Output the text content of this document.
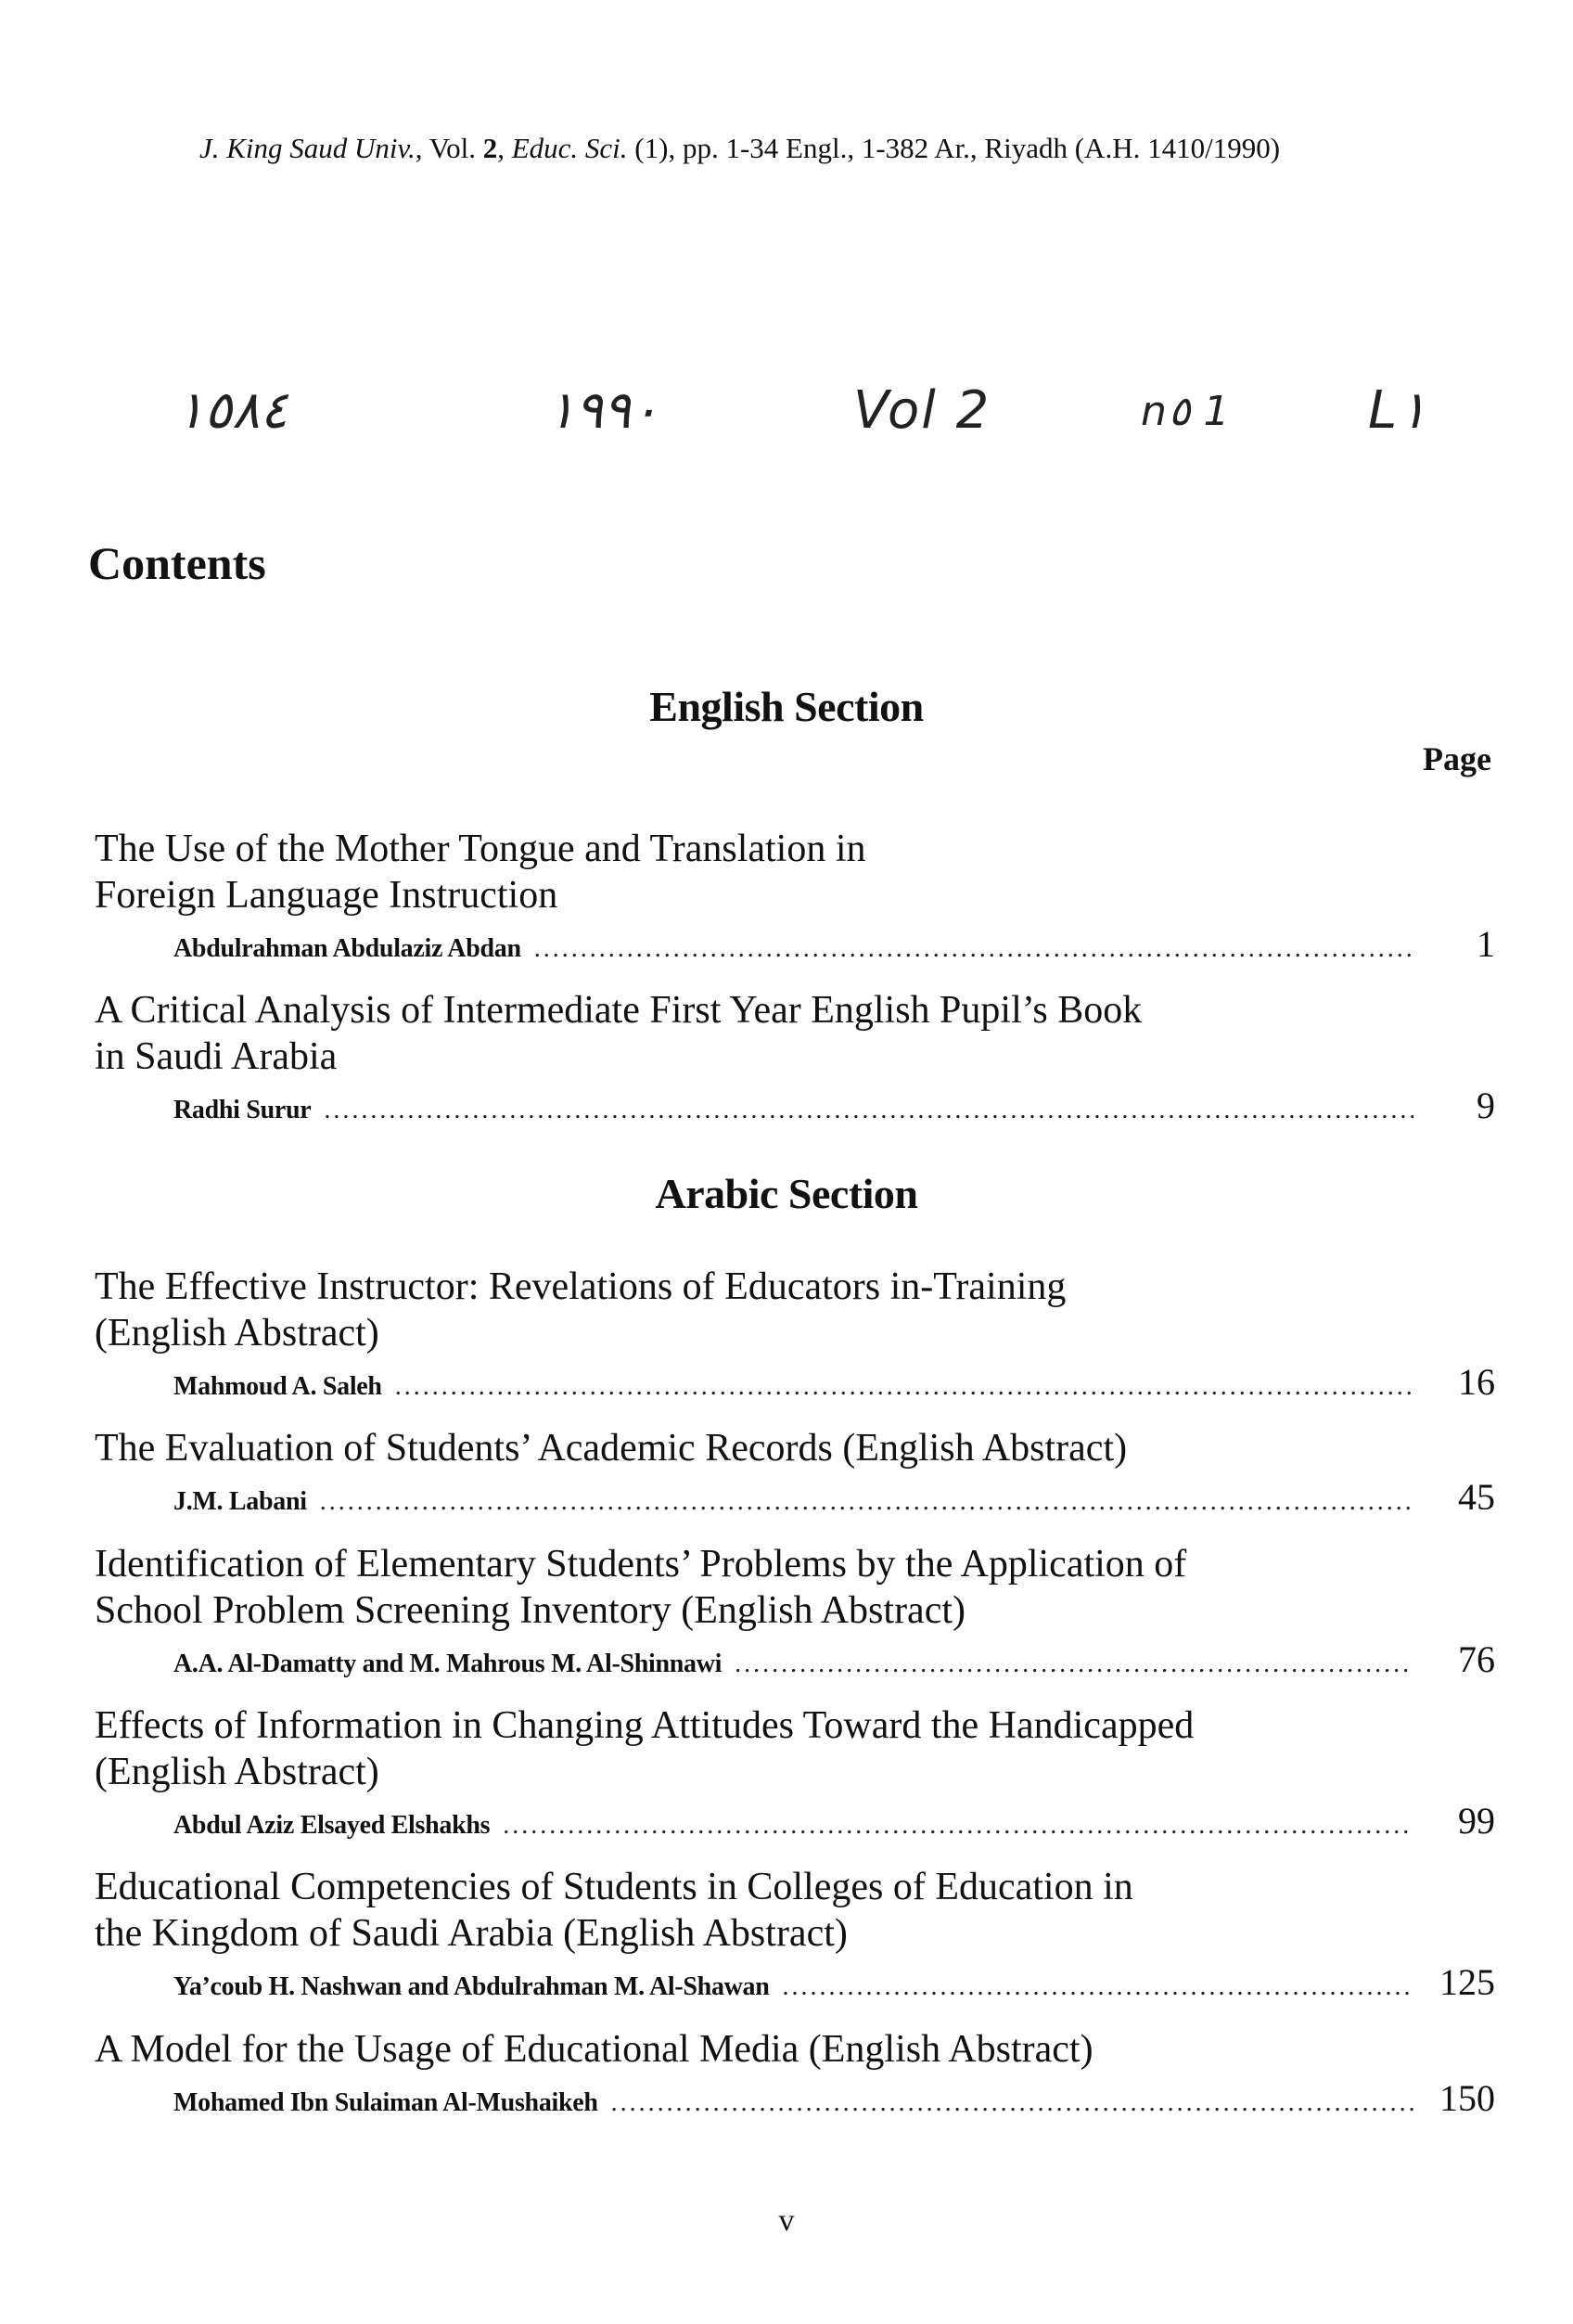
J. King Saud Univ., Vol. 2, Educ. Sci. (1), pp. 1-34 Engl., 1-382 Ar., Riyadh (A.H. 1410/1990)
١٥٨٤	١٩٩٠	Vol 2	n٥ 1	L١
Contents
English Section
Page
The Use of the Mother Tongue and Translation in
Foreign Language Instruction
Abdulrahman Abdulaziz Abdan .....	1
A Critical Analysis of Intermediate First Year English Pupil’s Book
in Saudi Arabia
Radhi Surur .....	9
Arabic Section
The Effective Instructor: Revelations of Educators in-Training
(English Abstract)
Mahmoud A. Saleh .....	16
The Evaluation of Students’ Academic Records (English Abstract)
J.M. Labani .....	45
Identification of Elementary Students’ Problems by the Application of
School Problem Screening Inventory (English Abstract)
A.A. Al-Damatty and M. Mahrous M. Al-Shinnawi .....	76
Effects of Information in Changing Attitudes Toward the Handicapped
(English Abstract)
Abdul Aziz Elsayed Elshakhs .....	99
Educational Competencies of Students in Colleges of Education in
the Kingdom of Saudi Arabia (English Abstract)
Ya’coub H. Nashwan and Abdulrahman M. Al-Shawan .....	125
A Model for the Usage of Educational Media (English Abstract)
Mohamed Ibn Sulaiman Al-Mushaikeh .....	150
v
